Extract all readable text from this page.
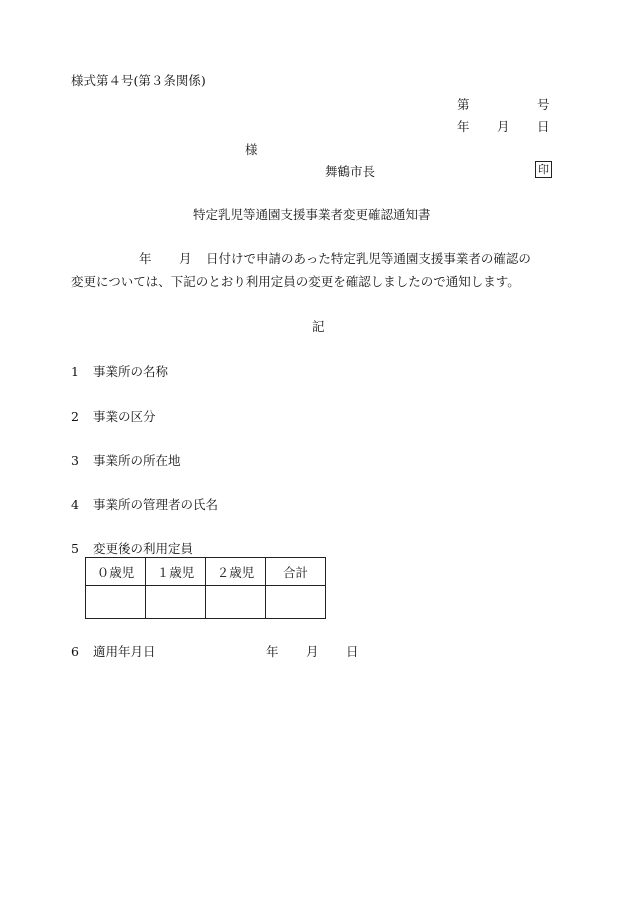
様式第４号(第３条関係)
第	号
年 月 日
様
舞鶴市長	印
特定乳児等通園支援事業者変更確認通知書
年 月 日付けで申請のあった特定乳児等通園支援事業者の確認の
変更については、下記のとおり利用定員の変更を確認しましたので通知します。
記
1 事業所の名称
2 事業の区分
3 事業所の所在地
4 事業所の管理者の氏名
5 変更後の利用定員
０歳児	１歳児	２歳児	合計

6 適用年月日	年 月 日
